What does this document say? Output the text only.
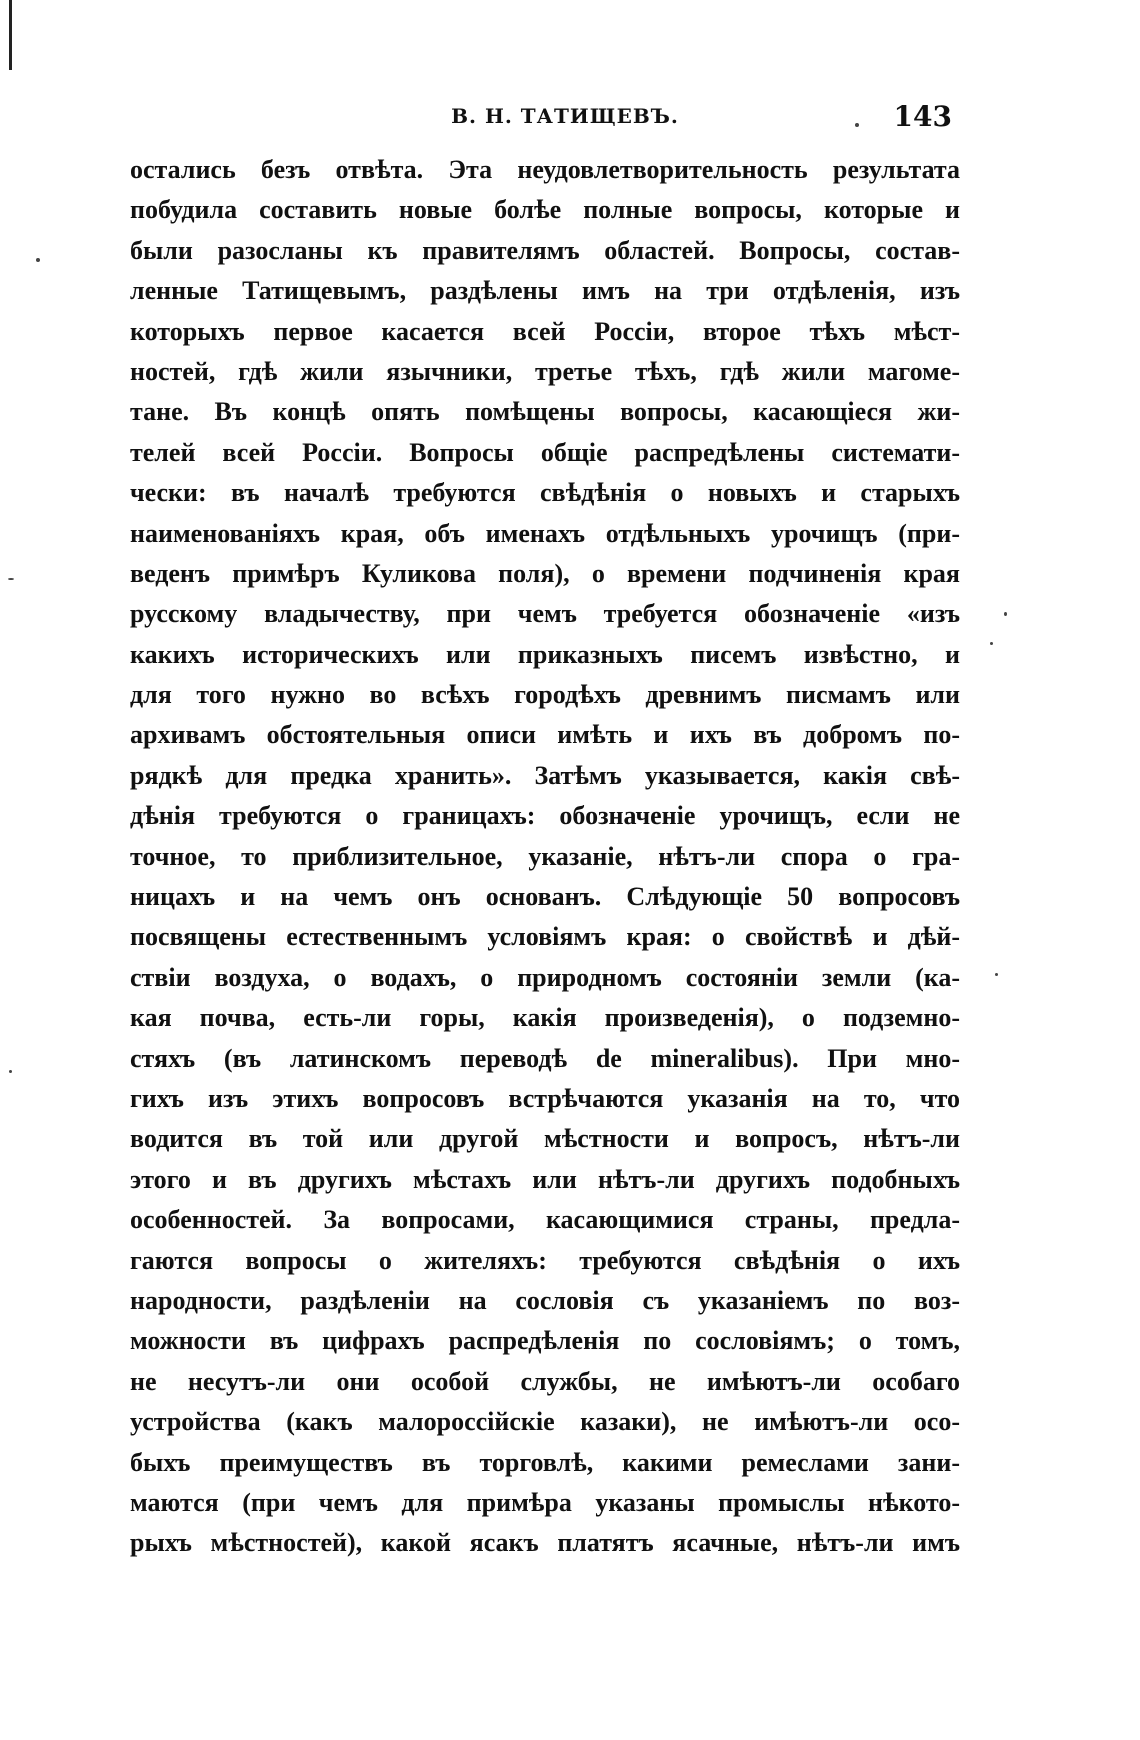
В. Н. ТАТИЩЕВЪ.	143
остались безъ отвѣта. Эта неудовлетворительность результата
побудила составить новые болѣе полные вопросы, которые и
были разосланы къ правителямъ областей. Вопросы, состав-
ленные Татищевымъ, раздѣлены имъ на три отдѣленія, изъ
которыхъ первое касается всей Россіи, второе тѣхъ мѣст-
ностей, гдѣ жили язычники, третье тѣхъ, гдѣ жили магоме-
тане. Въ концѣ опять помѣщены вопросы, касающіеся жи-
телей всей Россіи. Вопросы общіе распредѣлены системати-
чески: въ началѣ требуются свѣдѣнія о новыхъ и старыхъ
наименованіяхъ края, объ именахъ отдѣльныхъ урочищъ (при-
веденъ примѣръ Куликова поля), о времени подчиненія края
русскому владычеству, при чемъ требуется обозначеніе «изъ
какихъ историческихъ или приказныхъ писемъ извѣстно, и
для того нужно во всѣхъ городѣхъ древнимъ писмамъ или
архивамъ обстоятельныя описи имѣть и ихъ въ добромъ по-
рядкѣ для предка хранить». Затѣмъ указывается, какія свѣ-
дѣнія требуются о границахъ: обозначеніе урочищъ, если не
точное, то приблизительное, указаніе, нѣтъ-ли спора о гра-
ницахъ и на чемъ онъ основанъ. Слѣдующіе 50 вопросовъ
посвящены естественнымъ условіямъ края: о свойствѣ и дѣй-
ствіи воздуха, о водахъ, о природномъ состояніи земли (ка-
кая почва, есть-ли горы, какія произведенія), о подземно-
стяхъ (въ латинскомъ переводѣ de mineralibus). При мно-
гихъ изъ этихъ вопросовъ встрѣчаются указанія на то, что
водится въ той или другой мѣстности и вопросъ, нѣтъ-ли
этого и въ другихъ мѣстахъ или нѣтъ-ли другихъ подобныхъ
особенностей. За вопросами, касающимися страны, предла-
гаются вопросы о жителяхъ: требуются свѣдѣнія о ихъ
народности, раздѣленіи на сословія съ указаніемъ по воз-
можности въ цифрахъ распредѣленія по сословіямъ; о томъ,
не несутъ-ли они особой службы, не имѣютъ-ли особаго
устройства (какъ малороссійскіе казаки), не имѣютъ-ли осо-
быхъ преимуществъ въ торговлѣ, какими ремеслами зани-
маются (при чемъ для примѣра указаны промыслы нѣкото-
рыхъ мѣстностей), какой ясакъ платятъ ясачные, нѣтъ-ли имъ
